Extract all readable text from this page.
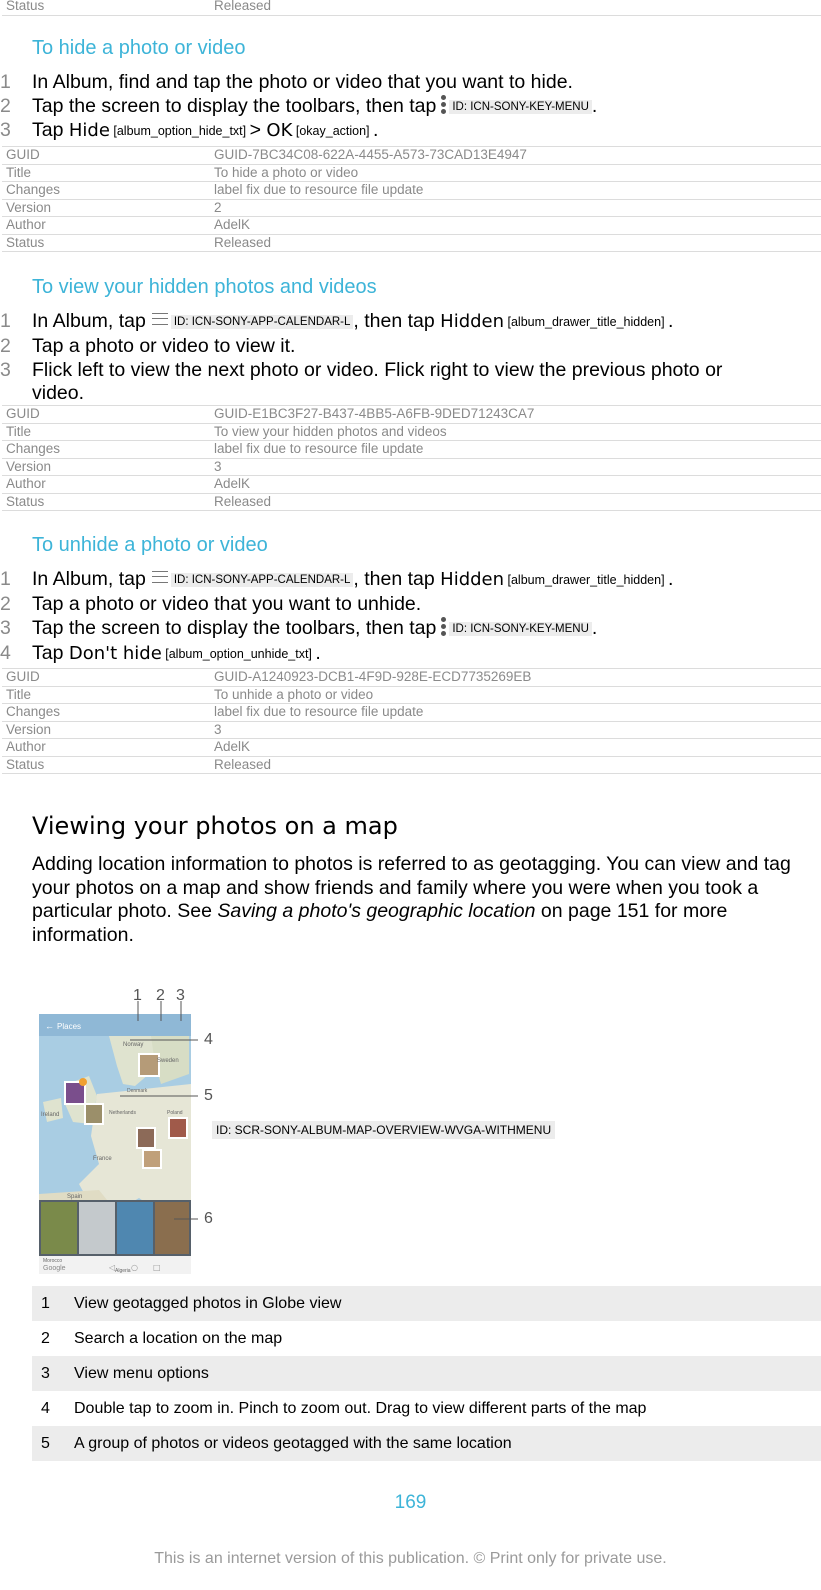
Status	Released
To hide a photo or video
1 In Album, find and tap the photo or video that you want to hide.
2 Tap the screen to display the toolbars, then tap ID: ICN-SONY-KEY-MENU .
3 Tap Hide [album_option_hide_txt] > OK [okay_action] .
GUID	GUID-7BC34C08-622A-4455-A573-73CAD13E4947
Title	To hide a photo or video
Changes	label fix due to resource file update
Version	2
Author	AdelK
Status	Released
To view your hidden photos and videos
1 In Album, tap ID: ICN-SONY-APP-CALENDAR-L , then tap Hidden [album_drawer_title_hidden] .
2 Tap a photo or video to view it.
3 Flick left to view the next photo or video. Flick right to view the previous photo or video.
GUID	GUID-E1BC3F27-B437-4BB5-A6FB-9DED71243CA7
Title	To view your hidden photos and videos
Changes	label fix due to resource file update
Version	3
Author	AdelK
Status	Released
To unhide a photo or video
1 In Album, tap ID: ICN-SONY-APP-CALENDAR-L , then tap Hidden [album_drawer_title_hidden] .
2 Tap a photo or video that you want to unhide.
3 Tap the screen to display the toolbars, then tap ID: ICN-SONY-KEY-MENU .
4 Tap Don't hide [album_option_unhide_txt] .
GUID	GUID-A1240923-DCB1-4F9D-928E-ECD7735269EB
Title	To unhide a photo or video
Changes	label fix due to resource file update
Version	3
Author	AdelK
Status	Released
Viewing your photos on a map
Adding location information to photos is referred to as geotagging. You can view and tag your photos on a map and show friends and family where you were when you took a particular photo. See Saving a photo's geographic location on page 151 for more information.
← Places
Norway
Sweden
Denmark
Ireland	Netherlands	Poland
France
Spain
Morocco
Algeria
Google	◁ ○ □
1 2 3
4
5
6
ID: SCR-SONY-ALBUM-MAP-OVERVIEW-WVGA-WITHMENU
1	View geotagged photos in Globe view
2	Search a location on the map
3	View menu options
4	Double tap to zoom in. Pinch to zoom out. Drag to view different parts of the map
5	A group of photos or videos geotagged with the same location
169
This is an internet version of this publication. © Print only for private use.
